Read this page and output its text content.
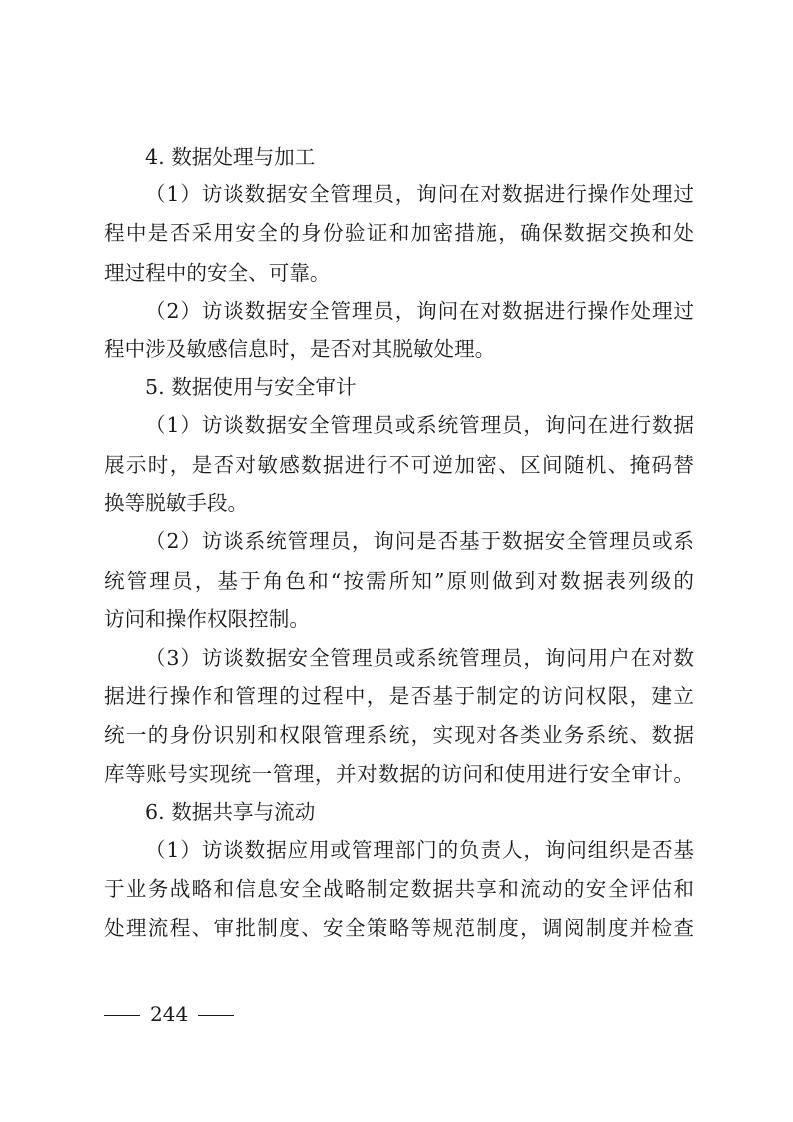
4. 数据处理与加工
（1）访谈数据安全管理员，询问在对数据进行操作处理过
程中是否采用安全的身份验证和加密措施，确保数据交换和处
理过程中的安全、可靠。
（2）访谈数据安全管理员，询问在对数据进行操作处理过
程中涉及敏感信息时，是否对其脱敏处理。
5. 数据使用与安全审计
（1）访谈数据安全管理员或系统管理员，询问在进行数据
展示时，是否对敏感数据进行不可逆加密、区间随机、掩码替
换等脱敏手段。
（2）访谈系统管理员，询问是否基于数据安全管理员或系
统管理员，基于角色和“按需所知”原则做到对数据表列级的
访问和操作权限控制。
（3）访谈数据安全管理员或系统管理员，询问用户在对数
据进行操作和管理的过程中，是否基于制定的访问权限，建立
统一的身份识别和权限管理系统，实现对各类业务系统、数据
库等账号实现统一管理，并对数据的访问和使用进行安全审计。
6. 数据共享与流动
（1）访谈数据应用或管理部门的负责人，询问组织是否基
于业务战略和信息安全战略制定数据共享和流动的安全评估和
处理流程、审批制度、安全策略等规范制度，调阅制度并检查
244
